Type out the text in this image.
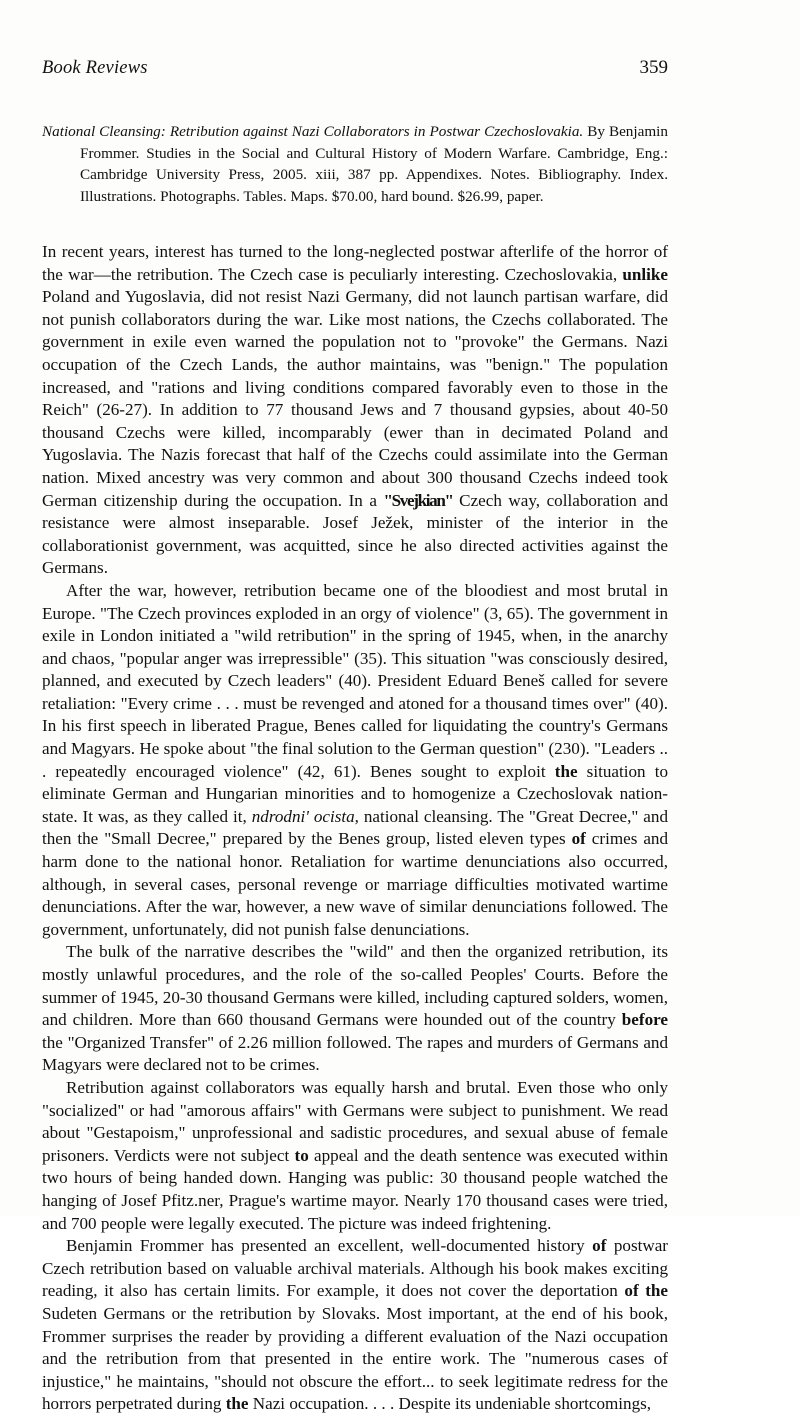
Book Reviews	359
National Cleansing: Retribution against Nazi Collaborators in Postwar Czechoslovakia. By Benjamin Frommer. Studies in the Social and Cultural History of Modern Warfare. Cambridge, Eng.: Cambridge University Press, 2005. xiii, 387 pp. Appendixes. Notes. Bibliography. Index. Illustrations. Photographs. Tables. Maps. $70.00, hard bound. $26.99, paper.

In recent years, interest has turned to the long-neglected postwar afterlife of the horror of the war—the retribution. The Czech case is peculiarly interesting. Czechoslovakia, unlike Poland and Yugoslavia, did not resist Nazi Germany, did not launch partisan warfare, did not punish collaborators during the war. Like most nations, the Czechs collaborated. The government in exile even warned the population not to "provoke" the Germans. Nazi occupation of the Czech Lands, the author maintains, was "benign." The population increased, and "rations and living conditions compared favorably even to those in the Reich" (26-27). In addition to 77 thousand Jews and 7 thousand gypsies, about 40-50 thousand Czechs were killed, incomparably (ewer than in decimated Poland and Yugoslavia. The Nazis forecast that half of the Czechs could assimilate into the German nation. Mixed ancestry was very common and about 300 thousand Czechs indeed took German citizenship during the occupation. In a "Svejkian" Czech way, collaboration and resistance were almost inseparable. Josef Ježek, minister of the interior in the collaborationist government, was acquitted, since he also directed activities against the Germans.

After the war, however, retribution became one of the bloodiest and most brutal in Europe. "The Czech provinces exploded in an orgy of violence" (3, 65). The government in exile in London initiated a "wild retribution" in the spring of 1945, when, in the anarchy and chaos, "popular anger was irrepressible" (35). This situation "was consciously desired, planned, and executed by Czech leaders" (40). President Eduard Beneš called for severe retaliation: "Every crime . . . must be revenged and atoned for a thousand times over" (40). In his first speech in liberated Prague, Benes called for liquidating the country's Germans and Magyars. He spoke about "the final solution to the German question" (230). "Leaders .. . repeatedly encouraged violence" (42, 61). Benes sought to exploit the situation to eliminate German and Hungarian minorities and to homogenize a Czechoslovak nation-state. It was, as they called it, ndrodni' ocista, national cleansing. The "Great Decree," and then the "Small Decree," prepared by the Benes group, listed eleven types of crimes and harm done to the national honor. Retaliation for wartime denunciations also occurred, although, in several cases, personal revenge or marriage difficulties motivated wartime denunciations. After the war, however, a new wave of similar denunciations followed. The government, unfortunately, did not punish false denunciations.

The bulk of the narrative describes the "wild" and then the organized retribution, its mostly unlawful procedures, and the role of the so-called Peoples' Courts. Before the summer of 1945, 20-30 thousand Germans were killed, including captured solders, women, and children. More than 660 thousand Germans were hounded out of the country before the "Organized Transfer" of 2.26 million followed. The rapes and murders of Germans and Magyars were declared not to be crimes.

Retribution against collaborators was equally harsh and brutal. Even those who only "socialized" or had "amorous affairs" with Germans were subject to punishment. We read about "Gestapoism," unprofessional and sadistic procedures, and sexual abuse of female prisoners. Verdicts were not subject to appeal and the death sentence was executed within two hours of being handed down. Hanging was public: 30 thousand people watched the hanging of Josef Pfitz.ner, Prague's wartime mayor. Nearly 170 thousand cases were tried, and 700 people were legally executed. The picture was indeed frightening.

Benjamin Frommer has presented an excellent, well-documented history of postwar Czech retribution based on valuable archival materials. Although his book makes exciting reading, it also has certain limits. For example, it does not cover the deportation of the Sudeten Germans or the retribution by Slovaks. Most important, at the end of his book, Frommer surprises the reader by providing a different evaluation of the Nazi occupation and the retribution from that presented in the entire work. The "numerous cases of injustice," he maintains, "should not obscure the effort... to seek legitimate redress for the horrors perpetrated during the Nazi occupation. . . . Despite its undeniable shortcomings,
